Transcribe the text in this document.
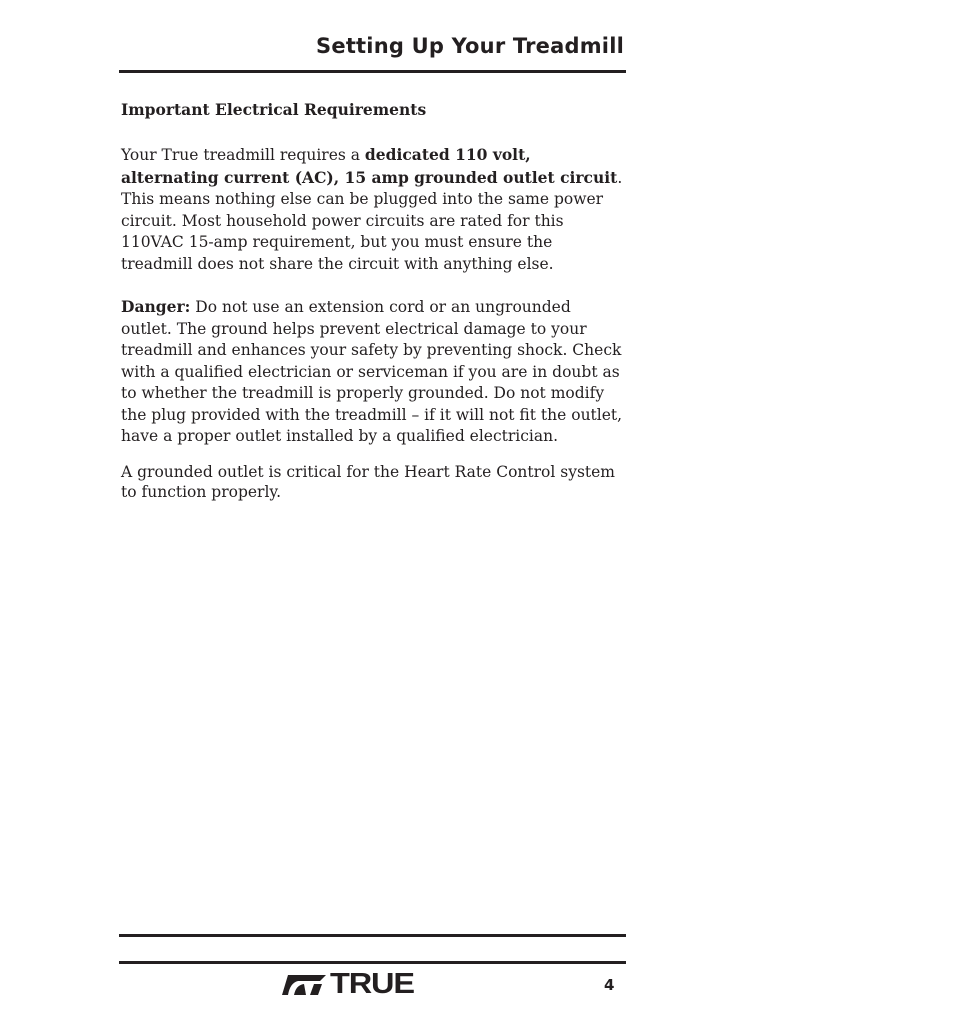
Setting Up Your Treadmill

Important Electrical Requirements

Your True treadmill requires a dedicated 110 volt, alternating current (AC), 15 amp grounded outlet circuit. This means nothing else can be plugged into the same power circuit. Most household power circuits are rated for this 110VAC 15-amp requirement, but you must ensure the treadmill does not share the circuit with anything else.

Danger: Do not use an extension cord or an ungrounded outlet. The ground helps prevent electrical damage to your treadmill and enhances your safety by preventing shock. Check with a qualified electrician or serviceman if you are in doubt as to whether the treadmill is properly grounded. Do not modify the plug provided with the treadmill – if it will not fit the outlet, have a proper outlet installed by a qualified electrician.

A grounded outlet is critical for the Heart Rate Control system to function properly.

TRUE	4
